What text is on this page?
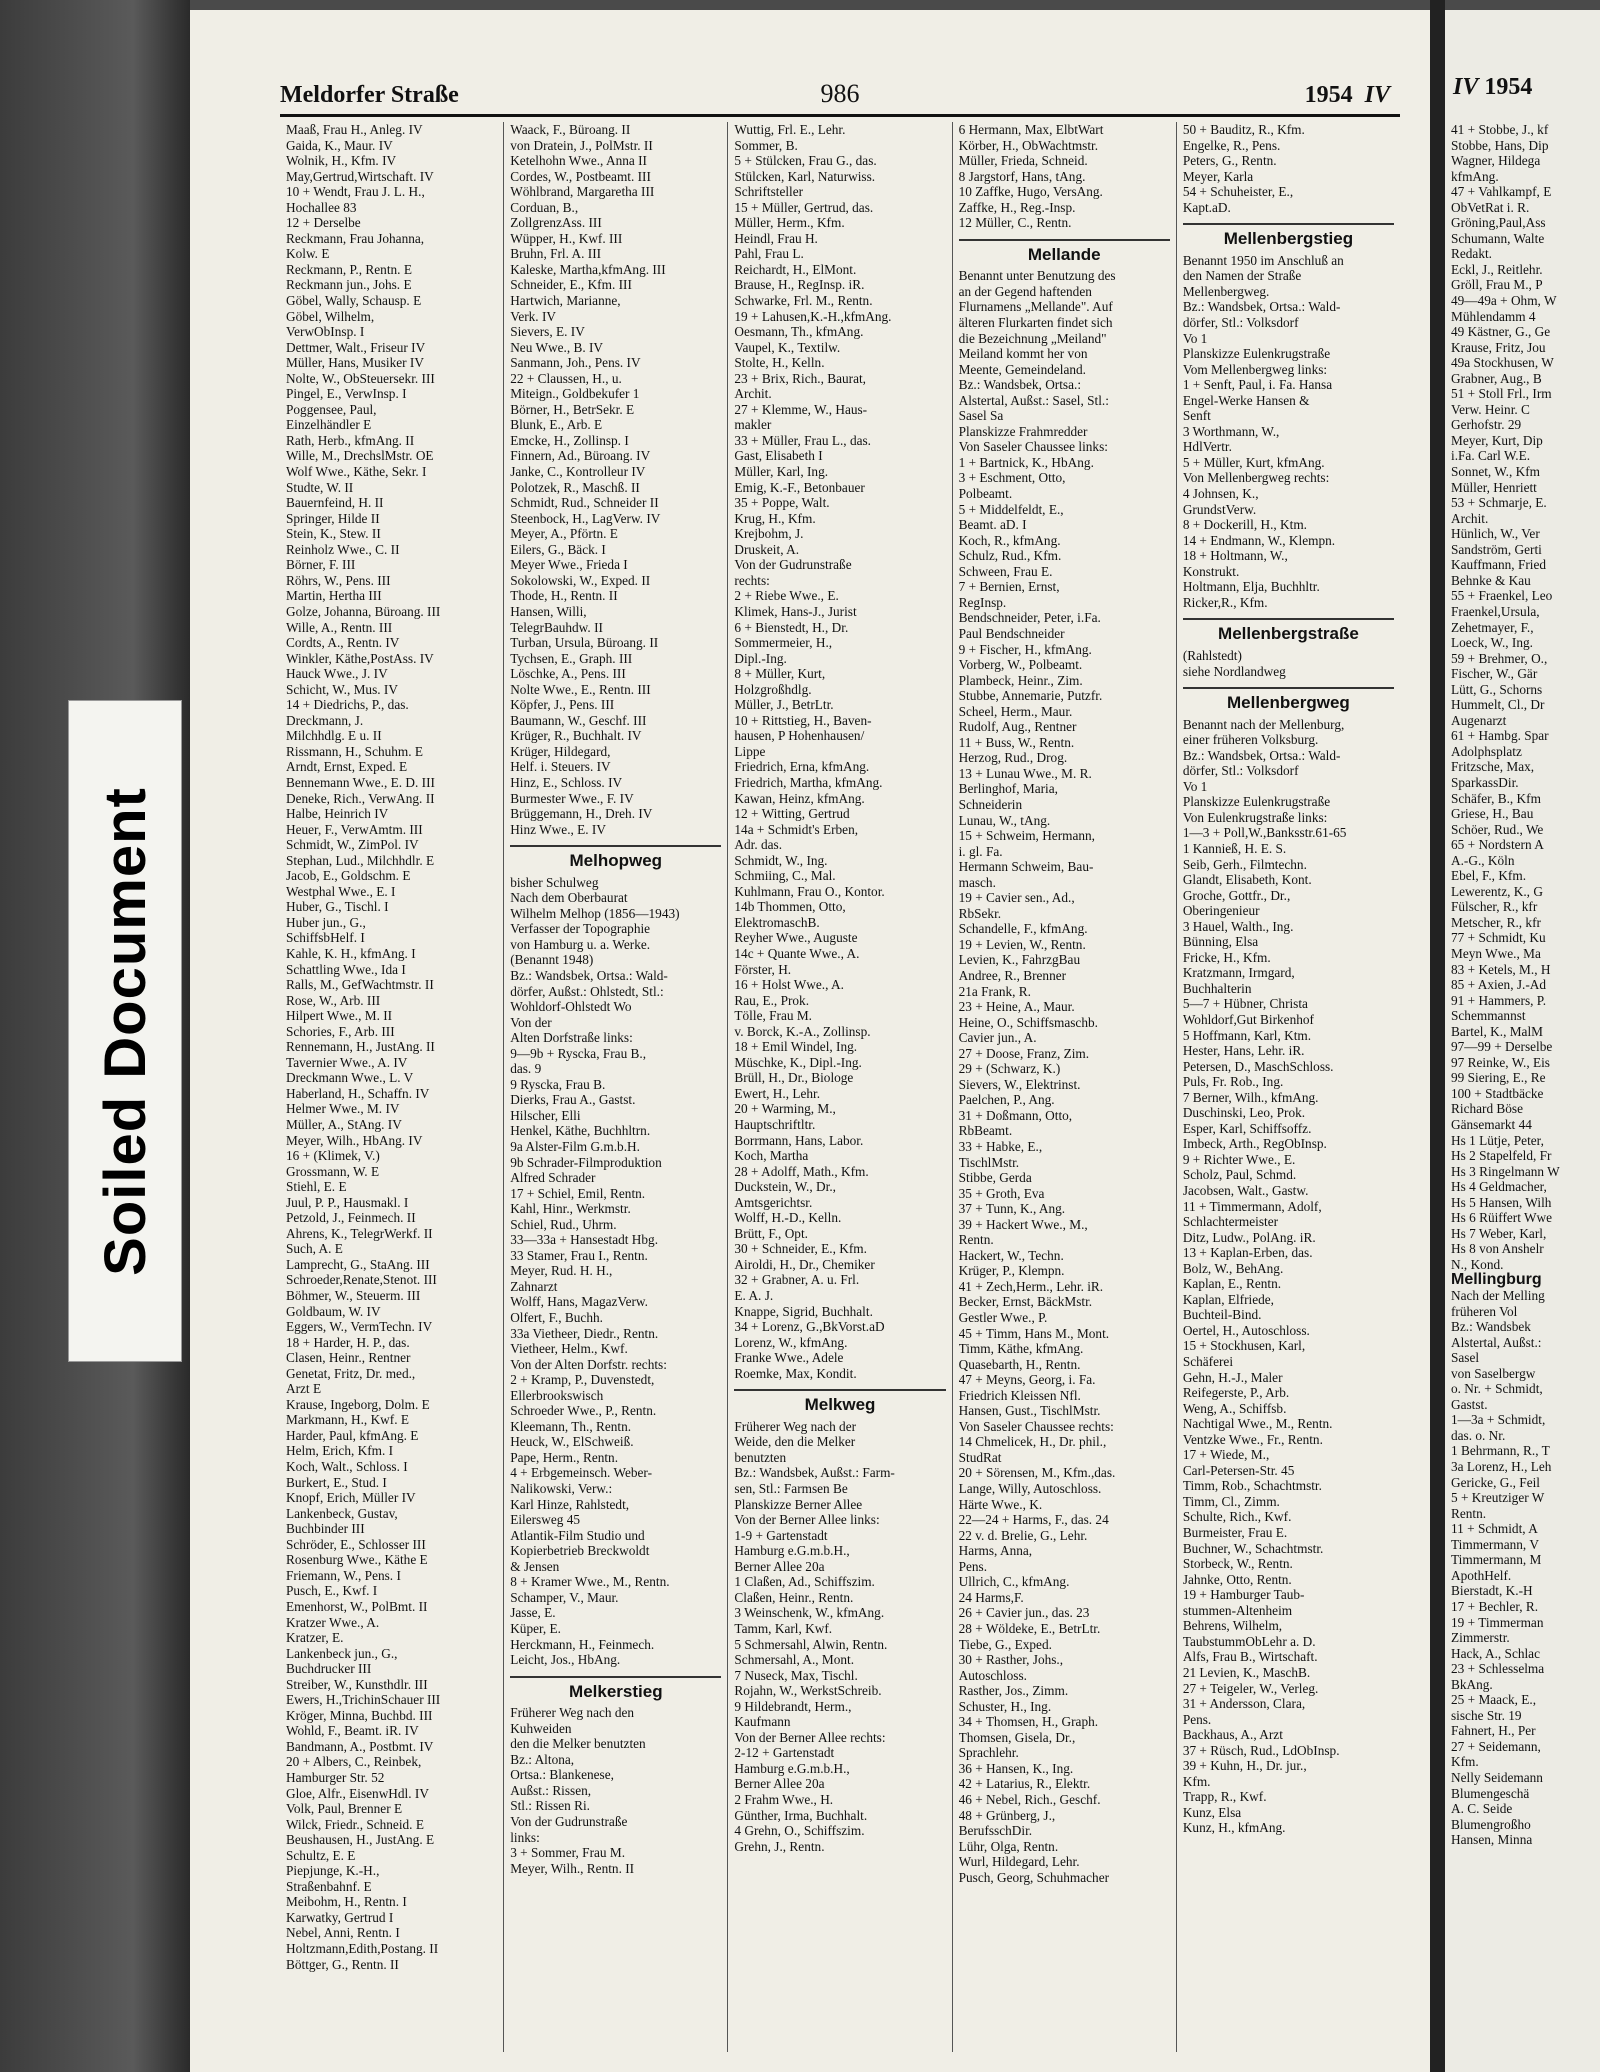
Soiled Document
Meldorfer Straße	986	1954 IV
Maaß, Frau H., Anleg. IV
Gaida, K., Maur. IV
Wolnik, H., Kfm. IV
May,Gertrud,Wirtschaft. IV
10 + Wendt, Frau J. L. H.,
Hochallee 83
12 + Derselbe
Reckmann, Frau Johanna,
Kolw. E
Reckmann, P., Rentn. E
Reckmann jun., Johs. E
Göbel, Wally, Schausp. E
Göbel, Wilhelm,
VerwObInsp. I
Dettmer, Walt., Friseur IV
Müller, Hans, Musiker IV
Nolte, W., ObSteuersekr. III
Pingel, E., VerwInsp. I
Poggensee, Paul,
Einzelhändler E
Rath, Herb., kfmAng. II
Wille, M., DrechslMstr. OE
Wolf Wwe., Käthe, Sekr. I
Studte, W. II
Bauernfeind, H. II
Springer, Hilde II
Stein, K., Stew. II
Reinholz Wwe., C. II
Börner, F. III
Röhrs, W., Pens. III
Martin, Hertha III
Golze, Johanna, Büroang. III
Wille, A., Rentn. III
Cordts, A., Rentn. IV
Winkler, Käthe,PostAss. IV
Hauck Wwe., J. IV
Schicht, W., Mus. IV
14 + Diedrichs, P., das.
Dreckmann, J.
Milchhdlg. E u. II
Rissmann, H., Schuhm. E
Arndt, Ernst, Exped. E
Bennemann Wwe., E. D. III
Deneke, Rich., VerwAng. II
Halbe, Heinrich IV
Heuer, F., VerwAmtm. III
Schmidt, W., ZimPol. IV
Stephan, Lud., Milchhdlr. E
Jacob, E., Goldschm. E
Westphal Wwe., E. I
Huber, G., Tischl. I
Huber jun., G.,
SchiffsbHelf. I
Kahle, K. H., kfmAng. I
Schattling Wwe., Ida I
Ralls, M., GefWachtmstr. II
Rose, W., Arb. III
Hilpert Wwe., M. II
Schories, F., Arb. III
Rennemann, H., JustAng. II
Tavernier Wwe., A. IV
Dreckmann Wwe., L. V
Haberland, H., Schaffn. IV
Helmer Wwe., M. IV
Müller, A., StAng. IV
Meyer, Wilh., HbAng. IV
16 + (Klimek, V.)
Grossmann, W. E
Stiehl, E. E
Juul, P. P., Hausmakl. I
Petzold, J., Feinmech. II
Ahrens, K., TelegrWerkf. II
Such, A. E
Lamprecht, G., StaAng. III
Schroeder,Renate,Stenot. III
Böhmer, W., Steuerm. III
Goldbaum, W. IV
Eggers, W., VermTechn. IV
18 + Harder, H. P., das.
Clasen, Heinr., Rentner
Genetat, Fritz, Dr. med.,
Arzt E
Krause, Ingeborg, Dolm. E
Markmann, H., Kwf. E
Harder, Paul, kfmAng. E
Helm, Erich, Kfm. I
Koch, Walt., Schloss. I
Burkert, E., Stud. I
Knopf, Erich, Müller IV
Lankenbeck, Gustav,
Buchbinder III
Schröder, E., Schlosser III
Rosenburg Wwe., Käthe E
Friemann, W., Pens. I
Pusch, E., Kwf. I
Emenhorst, W., PolBmt. II
Kratzer Wwe., A.
Kratzer, E.
Lankenbeck jun., G.,
Buchdrucker III
Streiber, W., Kunsthdlr. III
Ewers, H.,TrichinSchauer III
Kröger, Minna, Buchbd. III
Wohld, F., Beamt. iR. IV
Bandmann, A., Postbmt. IV
20 + Albers, C., Reinbek,
Hamburger Str. 52
Gloe, Alfr., EisenwHdl. IV
Volk, Paul, Brenner E
Wilck, Friedr., Schneid. E
Beushausen, H., JustAng. E
Schultz, E. E
Piepjunge, K.-H.,
Straßenbahnf. E
Meibohm, H., Rentn. I
Karwatky, Gertrud I
Nebel, Anni, Rentn. I
Holtzmann,Edith,Postang. II
Böttger, G., Rentn. II
Waack, F., Büroang. II
von Dratein, J., PolMstr. II
Ketelhohn Wwe., Anna II
Cordes, W., Postbeamt. III
Wöhlbrand, Margaretha III
Corduan, B.,
ZollgrenzAss. III
Wüpper, H., Kwf. III
Bruhn, Frl. A. III
Kaleske, Martha,kfmAng. III
Schneider, E., Kfm. III
Hartwich, Marianne,
Verk. IV
Sievers, E. IV
Neu Wwe., B. IV
Sanmann, Joh., Pens. IV
22 + Claussen, H., u.
Miteign., Goldbekufer 1
Börner, H., BetrSekr. E
Blunk, E., Arb. E
Emcke, H., Zollinsp. I
Finnern, Ad., Büroang. IV
Janke, C., Kontrolleur IV
Polotzek, R., Maschß. II
Schmidt, Rud., Schneider II
Steenbock, H., LagVerw. IV
Meyer, A., Pförtn. E
Eilers, G., Bäck. I
Meyer Wwe., Frieda I
Sokolowski, W., Exped. II
Thode, H., Rentn. II
Hansen, Willi,
TelegrBauhdw. II
Turban, Ursula, Büroang. II
Tychsen, E., Graph. III
Löschke, A., Pens. III
Nolte Wwe., E., Rentn. III
Köpfer, J., Pens. III
Baumann, W., Geschf. III
Krüger, R., Buchhalt. IV
Krüger, Hildegard,
Helf. i. Steuers. IV
Hinz, E., Schloss. IV
Burmester Wwe., F. IV
Brüggemann, H., Dreh. IV
Hinz Wwe., E. IV
Melhopweg
bisher Schulweg
Nach dem Oberbaurat
Wilhelm Melhop (1856—1943)
Verfasser der Topographie
von Hamburg u. a. Werke.
(Benannt 1948)
Bz.: Wandsbek, Ortsa.: Wald-
dörfer, Außst.: Ohlstedt, Stl.:
Wohldorf-Ohlstedt Wo
Von der
Alten Dorfstraße links:
9—9b + Ryscka, Frau B.,
das. 9
9 Ryscka, Frau B.
Dierks, Frau A., Gastst.
Hilscher, Elli
Henkel, Käthe, Buchhltrn.
9a Alster-Film G.m.b.H.
9b Schrader-Filmproduktion
Alfred Schrader
17 + Schiel, Emil, Rentn.
Kahl, Hinr., Werkmstr.
Schiel, Rud., Uhrm.
33—33a + Hansestadt Hbg.
33 Stamer, Frau I., Rentn.
Meyer, Rud. H. H.,
Zahnarzt
Wolff, Hans, MagazVerw.
Olfert, F., Buchh.
33a Vietheer, Diedr., Rentn.
Vietheer, Helm., Kwf.
Von der Alten Dorfstr. rechts:
2 + Kramp, P., Duvenstedt,
Ellerbrookswisch
Schroeder Wwe., P., Rentn.
Kleemann, Th., Rentn.
Heuck, W., ElSchweiß.
Pape, Herm., Rentn.
4 + Erbgemeinsch. Weber-
Nalikowski, Verw.:
Karl Hinze, Rahlstedt,
Eilersweg 45
Atlantik-Film Studio und
Kopierbetrieb Breckwoldt
& Jensen
8 + Kramer Wwe., M., Rentn.
Schamper, V., Maur.
Jasse, E.
Küper, E.
Herckmann, H., Feinmech.
Leicht, Jos., HbAng.
Melkerstieg
Früherer Weg nach den
Kuhweiden
den die Melker benutzten
Bz.: Altona,
Ortsa.: Blankenese,
Außst.: Rissen,
Stl.: Rissen Ri.
Von der Gudrunstraße
links:
3 + Sommer, Frau M.
Meyer, Wilh., Rentn. II
Wuttig, Frl. E., Lehr.
Sommer, B.
5 + Stülcken, Frau G., das.
Stülcken, Karl, Naturwiss.
Schriftsteller
15 + Müller, Gertrud, das.
Müller, Herm., Kfm.
Heindl, Frau H.
Pahl, Frau L.
Reichardt, H., ElMont.
Brause, H., RegInsp. iR.
Schwarke, Frl. M., Rentn.
19 + Lahusen,K.-H.,kfmAng.
Oesmann, Th., kfmAng.
Vaupel, K., Textilw.
Stolte, H., Kelln.
23 + Brix, Rich., Baurat,
Archit.
27 + Klemme, W., Haus-
makler
33 + Müller, Frau L., das.
Gast, Elisabeth I
Müller, Karl, Ing.
Emig, K.-F., Betonbauer
35 + Poppe, Walt.
Krug, H., Kfm.
Krejbohm, J.
Druskeit, A.
Von der Gudrunstraße
rechts:
2 + Riebe Wwe., E.
Klimek, Hans-J., Jurist
6 + Bienstedt, H., Dr.
Sommermeier, H.,
Dipl.-Ing.
8 + Müller, Kurt,
Holzgroßhdlg.
Müller, J., BetrLtr.
10 + Rittstieg, H., Baven-
hausen, P Hohenhausen/
Lippe
Friedrich, Erna, kfmAng.
Friedrich, Martha, kfmAng.
Kawan, Heinz, kfmAng.
12 + Witting, Gertrud
14a + Schmidt's Erben,
Adr. das.
Schmidt, W., Ing.
Schmiing, C., Mal.
Kuhlmann, Frau O., Kontor.
14b Thommen, Otto,
ElektromaschB.
Reyher Wwe., Auguste
14c + Quante Wwe., A.
Förster, H.
16 + Holst Wwe., A.
Rau, E., Prok.
Tölle, Frau M.
v. Borck, K.-A., Zollinsp.
18 + Emil Windel, Ing.
Müschke, K., Dipl.-Ing.
Brüll, H., Dr., Biologe
Ewert, H., Lehr.
20 + Warming, M.,
Hauptschriftltr.
Borrmann, Hans, Labor.
Koch, Martha
28 + Adolff, Math., Kfm.
Duckstein, W., Dr.,
Amtsgerichtsr.
Wolff, H.-D., Kelln.
Brütt, F., Opt.
30 + Schneider, E., Kfm.
Airoldi, H., Dr., Chemiker
32 + Grabner, A. u. Frl.
E. A. J.
Knappe, Sigrid, Buchhalt.
34 + Lorenz, G.,BkVorst.aD
Lorenz, W., kfmAng.
Franke Wwe., Adele
Roemke, Max, Kondit.
Melkweg
Früherer Weg nach der
Weide, den die Melker
benutzten
Bz.: Wandsbek, Außst.: Farm-
sen, Stl.: Farmsen Be
Planskizze Berner Allee
Von der Berner Allee links:
1-9 + Gartenstadt
Hamburg e.G.m.b.H.,
Berner Allee 20a
1 Claßen, Ad., Schiffszim.
Claßen, Heinr., Rentn.
3 Weinschenk, W., kfmAng.
Tamm, Karl, Kwf.
5 Schmersahl, Alwin, Rentn.
Schmersahl, A., Mont.
7 Nuseck, Max, Tischl.
Rojahn, W., WerkstSchreib.
9 Hildebrandt, Herm.,
Kaufmann
Von der Berner Allee rechts:
2-12 + Gartenstadt
Hamburg e.G.m.b.H.,
Berner Allee 20a
2 Frahm Wwe., H.
Günther, Irma, Buchhalt.
4 Grehn, O., Schiffszim.
Grehn, J., Rentn.
6 Hermann, Max, ElbtWart
Körber, H., ObWachtmstr.
Müller, Frieda, Schneid.
8 Jargstorf, Hans, tAng.
10 Zaffke, Hugo, VersAng.
Zaffke, H., Reg.-Insp.
12 Müller, C., Rentn.
Mellande
Benannt unter Benutzung des
an der Gegend haftenden
Flurnamens „Mellande". Auf
älteren Flurkarten findet sich
die Bezeichnung „Meiland"
Meiland kommt her von
Meente, Gemeindeland.
Bz.: Wandsbek, Ortsa.:
Alstertal, Außst.: Sasel, Stl.:
Sasel Sa
Planskizze Frahmredder
Von Saseler Chaussee links:
1 + Bartnick, K., HbAng.
3 + Eschment, Otto,
Polbeamt.
5 + Middelfeldt, E.,
Beamt. aD. I
Koch, R., kfmAng.
Schulz, Rud., Kfm.
Schween, Frau E.
7 + Bernien, Ernst,
RegInsp.
Bendschneider, Peter, i.Fa.
Paul Bendschneider
9 + Fischer, H., kfmAng.
Vorberg, W., Polbeamt.
Plambeck, Heinr., Zim.
Stubbe, Annemarie, Putzfr.
Scheel, Herm., Maur.
Rudolf, Aug., Rentner
11 + Buss, W., Rentn.
Herzog, Rud., Drog.
13 + Lunau Wwe., M. R.
Berlinghof, Maria,
Schneiderin
Lunau, W., tAng.
15 + Schweim, Hermann,
i. gl. Fa.
Hermann Schweim, Bau-
masch.
19 + Cavier sen., Ad.,
RbSekr.
Schandelle, F., kfmAng.
19 + Levien, W., Rentn.
Levien, K., FahrzgBau
Andree, R., Brenner
21a Frank, R.
23 + Heine, A., Maur.
Heine, O., Schiffsmaschb.
Cavier jun., A.
27 + Doose, Franz, Zim.
29 + (Schwarz, K.)
Sievers, W., Elektrinst.
Paelchen, P., Ang.
31 + Doßmann, Otto,
RbBeamt.
33 + Habke, E.,
TischlMstr.
Stibbe, Gerda
35 + Groth, Eva
37 + Tunn, K., Ang.
39 + Hackert Wwe., M.,
Rentn.
Hackert, W., Techn.
Krüger, P., Klempn.
41 + Zech,Herm., Lehr. iR.
Becker, Ernst, BäckMstr.
Gestler Wwe., P.
45 + Timm, Hans M., Mont.
Timm, Käthe, kfmAng.
Quasebarth, H., Rentn.
47 + Meyns, Georg, i. Fa.
Friedrich Kleissen Nfl.
Hansen, Gust., TischlMstr.
Von Saseler Chaussee rechts:
14 Chmelicek, H., Dr. phil.,
StudRat
20 + Sörensen, M., Kfm.,das.
Lange, Willy, Autoschloss.
Härte Wwe., K.
22—24 + Harms, F., das. 24
22 v. d. Brelie, G., Lehr.
Harms, Anna,
Pens.
Ullrich, C., kfmAng.
24 Harms,F.
26 + Cavier jun., das. 23
28 + Wöldeke, E., BetrLtr.
Tiebe, G., Exped.
30 + Rasther, Johs.,
Autoschloss.
Rasther, Jos., Zimm.
Schuster, H., Ing.
34 + Thomsen, H., Graph.
Thomsen, Gisela, Dr.,
Sprachlehr.
36 + Hansen, K., Ing.
42 + Latarius, R., Elektr.
46 + Nebel, Rich., Geschf.
48 + Grünberg, J.,
BerufsschDir.
Lühr, Olga, Rentn.
Wurl, Hildegard, Lehr.
Pusch, Georg, Schuhmacher
50 + Bauditz, R., Kfm.
Engelke, R., Pens.
Peters, G., Rentn.
Meyer, Karla
54 + Schuheister, E.,
Kapt.aD.
Mellenbergstieg
Benannt 1950 im Anschluß an
den Namen der Straße
Mellenbergweg.
Bz.: Wandsbek, Ortsa.: Wald-
dörfer, Stl.: Volksdorf
Vo 1
Planskizze Eulenkrugstraße
Vom Mellenbergweg links:
1 + Senft, Paul, i. Fa. Hansa
Engel-Werke Hansen &
Senft
3 Worthmann, W.,
HdlVertr.
5 + Müller, Kurt, kfmAng.
Von Mellenbergweg rechts:
4 Johnsen, K.,
GrundstVerw.
8 + Dockerill, H., Ktm.
14 + Endmann, W., Klempn.
18 + Holtmann, W.,
Konstrukt.
Holtmann, Elja, Buchhltr.
Ricker,R., Kfm.
Mellenbergstraße
(Rahlstedt)
siehe Nordlandweg
Mellenbergweg
Benannt nach der Mellenburg,
einer früheren Volksburg.
Bz.: Wandsbek, Ortsa.: Wald-
dörfer, Stl.: Volksdorf
Vo 1
Planskizze Eulenkrugstraße
Von Eulenkrugstraße links:
1—3 + Poll,W.,Banksstr.61-65
1 Kannieß, H. E. S.
Seib, Gerh., Filmtechn.
Glandt, Elisabeth, Kont.
Groche, Gottfr., Dr.,
Oberingenieur
3 Hauel, Walth., Ing.
Bünning, Elsa
Fricke, H., Kfm.
Kratzmann, Irmgard,
Buchhalterin
5—7 + Hübner, Christa
Wohldorf,Gut Birkenhof
5 Hoffmann, Karl, Ktm.
Hester, Hans, Lehr. iR.
Petersen, D., MaschSchloss.
Puls, Fr. Rob., Ing.
7 Berner, Wilh., kfmAng.
Duschinski, Leo, Prok.
Esper, Karl, Schiffsoffz.
Imbeck, Arth., RegObInsp.
9 + Richter Wwe., E.
Scholz, Paul, Schmd.
Jacobsen, Walt., Gastw.
11 + Timmermann, Adolf,
Schlachtermeister
Ditz, Ludw., PolAng. iR.
13 + Kaplan-Erben, das.
Bolz, W., BehAng.
Kaplan, E., Rentn.
Kaplan, Elfriede,
Buchteil-Bind.
Oertel, H., Autoschloss.
15 + Stockhusen, Karl,
Schäferei
Gehn, H.-J., Maler
Reifegerste, P., Arb.
Weng, A., Schiffsb.
Nachtigal Wwe., M., Rentn.
Ventzke Wwe., Fr., Rentn.
17 + Wiede, M.,
Carl-Petersen-Str. 45
Timm, Rob., Schachtmstr.
Timm, Cl., Zimm.
Schulte, Rich., Kwf.
Burmeister, Frau E.
Buchner, W., Schachtmstr.
Storbeck, W., Rentn.
Jahnke, Otto, Rentn.
19 + Hamburger Taub-
stummen-Altenheim
Behrens, Wilhelm,
TaubstummObLehr a. D.
Alfs, Frau B., Wirtschaft.
21 Levien, K., MaschB.
27 + Teigeler, W., Verleg.
31 + Andersson, Clara,
Pens.
Backhaus, A., Arzt
37 + Rüsch, Rud., LdObInsp.
39 + Kuhn, H., Dr. jur.,
Kfm.
Trapp, R., Kwf.
Kunz, Elsa
Kunz, H., kfmAng.
IV 1954
41 + Stobbe, J., kf
Stobbe, Hans, Dip
Wagner, Hildega
kfmAng.
47 + Vahlkampf, E
ObVetRat i. R.
Gröning,Paul,Ass
Schumann, Walte
Redakt.
Eckl, J., Reitlehr.
Gröll, Frau M., P
49—49a + Ohm, W
Mühlendamm 4
49 Kästner, G., Ge
Krause, Fritz, Jou
49a Stockhusen, W
Grabner, Aug., B
51 + Stoll Frl., Irm
Verw. Heinr. C
Gerhofstr. 29
Meyer, Kurt, Dip
i.Fa. Carl W.E.
Sonnet, W., Kfm
Müller, Henriett
53 + Schmarje, E.
Archit.
Hünlich, W., Ver
Sandström, Gerti
Kauffmann, Fried
Behnke & Kau
55 + Fraenkel, Leo
Fraenkel,Ursula,
Zehetmayer, F.,
Loeck, W., Ing.
59 + Brehmer, O.,
Fischer, W., Gär
Lütt, G., Schorns
Hummelt, Cl., Dr
Augenarzt
61 + Hambg. Spar
Adolphsplatz
Fritzsche, Max,
SparkassDir.
Schäfer, B., Kfm
Griese, H., Bau
Schöer, Rud., We
65 + Nordstern A
A.-G., Köln
Ebel, F., Kfm.
Lewerentz, K., G
Fülscher, R., kfr
Metscher, R., kfr
77 + Schmidt, Ku
Meyn Wwe., Ma
83 + Ketels, M., H
85 + Axien, J.-Ad
91 + Hammers, P.
Schemmannst
Bartel, K., MalM
97—99 + Derselbe
97 Reinke, W., Eis
99 Siering, E., Re
100 + Stadtbäcke
Richard Böse
Gänsemarkt 44
Hs 1 Lütje, Peter,
Hs 2 Stapelfeld, Fr
Hs 3 Ringelmann W
Hs 4 Geldmacher,
Hs 5 Hansen, Wilh
Hs 6 Rüiffert Wwe
Hs 7 Weber, Karl,
Hs 8 von Anshelr
N., Kond.
Mellingburg
Nach der Melling
früheren Vol
Bz.: Wandsbek
Alstertal, Außst.:
Sasel
von Saselbergw
o. Nr. + Schmidt,
Gastst.
1—3a + Schmidt,
das. o. Nr.
1 Behrmann, R., T
3a Lorenz, H., Leh
Gericke, G., Feil
5 + Kreutziger W
Rentn.
11 + Schmidt, A
Timmermann, V
Timmermann, M
ApothHelf.
Bierstadt, K.-H
17 + Bechler, R.
19 + Timmerman
Zimmerstr.
Hack, A., Schlac
23 + Schlesselma
BkAng.
25 + Maack, E.,
sische Str. 19
Fahnert, H., Per
27 + Seidemann,
Kfm.
Nelly Seidemann
Blumengeschä
A. C. Seide
Blumengroßho
Hansen, Minna
